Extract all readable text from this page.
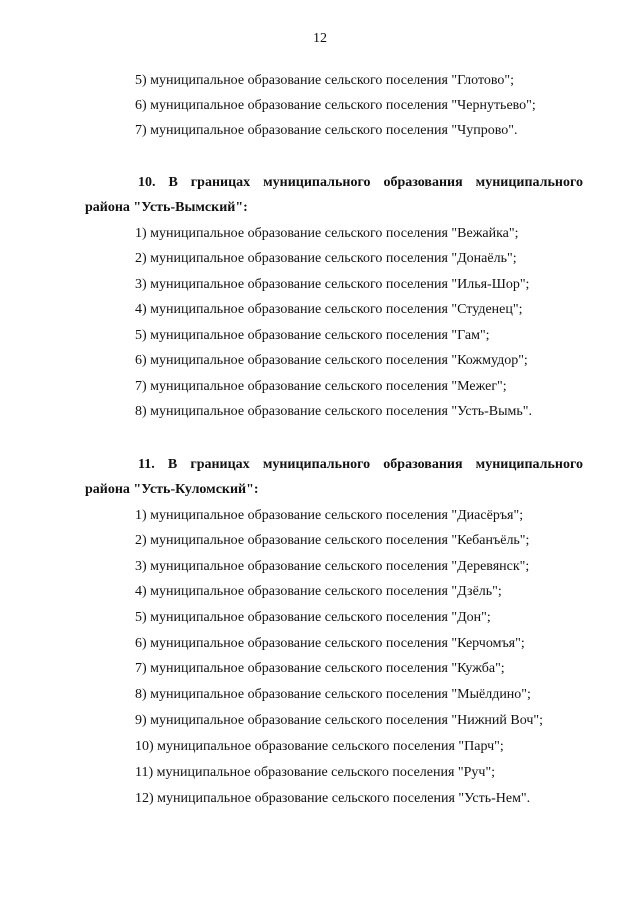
12
5) муниципальное образование сельского поселения "Глотово";
6) муниципальное образование сельского поселения "Чернутьево";
7) муниципальное образование сельского поселения "Чупрово".
10. В границах муниципального образования муниципального
района "Усть-Вымский":
1) муниципальное образование сельского поселения "Вежайка";
2) муниципальное образование сельского поселения "Донаёль";
3) муниципальное образование сельского поселения "Илья-Шор";
4) муниципальное образование сельского поселения "Студенец";
5) муниципальное образование сельского поселения "Гам";
6) муниципальное образование сельского поселения "Кожмудор";
7) муниципальное образование сельского поселения "Межег";
8) муниципальное образование сельского поселения "Усть-Вымь".
11. В границах муниципального образования муниципального
района "Усть-Куломский":
1) муниципальное образование сельского поселения "Диасёръя";
2) муниципальное образование сельского поселения "Кебанъёль";
3) муниципальное образование сельского поселения "Деревянск";
4) муниципальное образование сельского поселения "Дзёль";
5) муниципальное образование сельского поселения "Дон";
6) муниципальное образование сельского поселения "Керчомъя";
7) муниципальное образование сельского поселения "Кужба";
8) муниципальное образование сельского поселения "Мыёлдино";
9) муниципальное образование сельского поселения "Нижний Воч";
10) муниципальное образование сельского поселения "Парч";
11) муниципальное образование сельского поселения "Руч";
12) муниципальное образование сельского поселения "Усть-Нем".
